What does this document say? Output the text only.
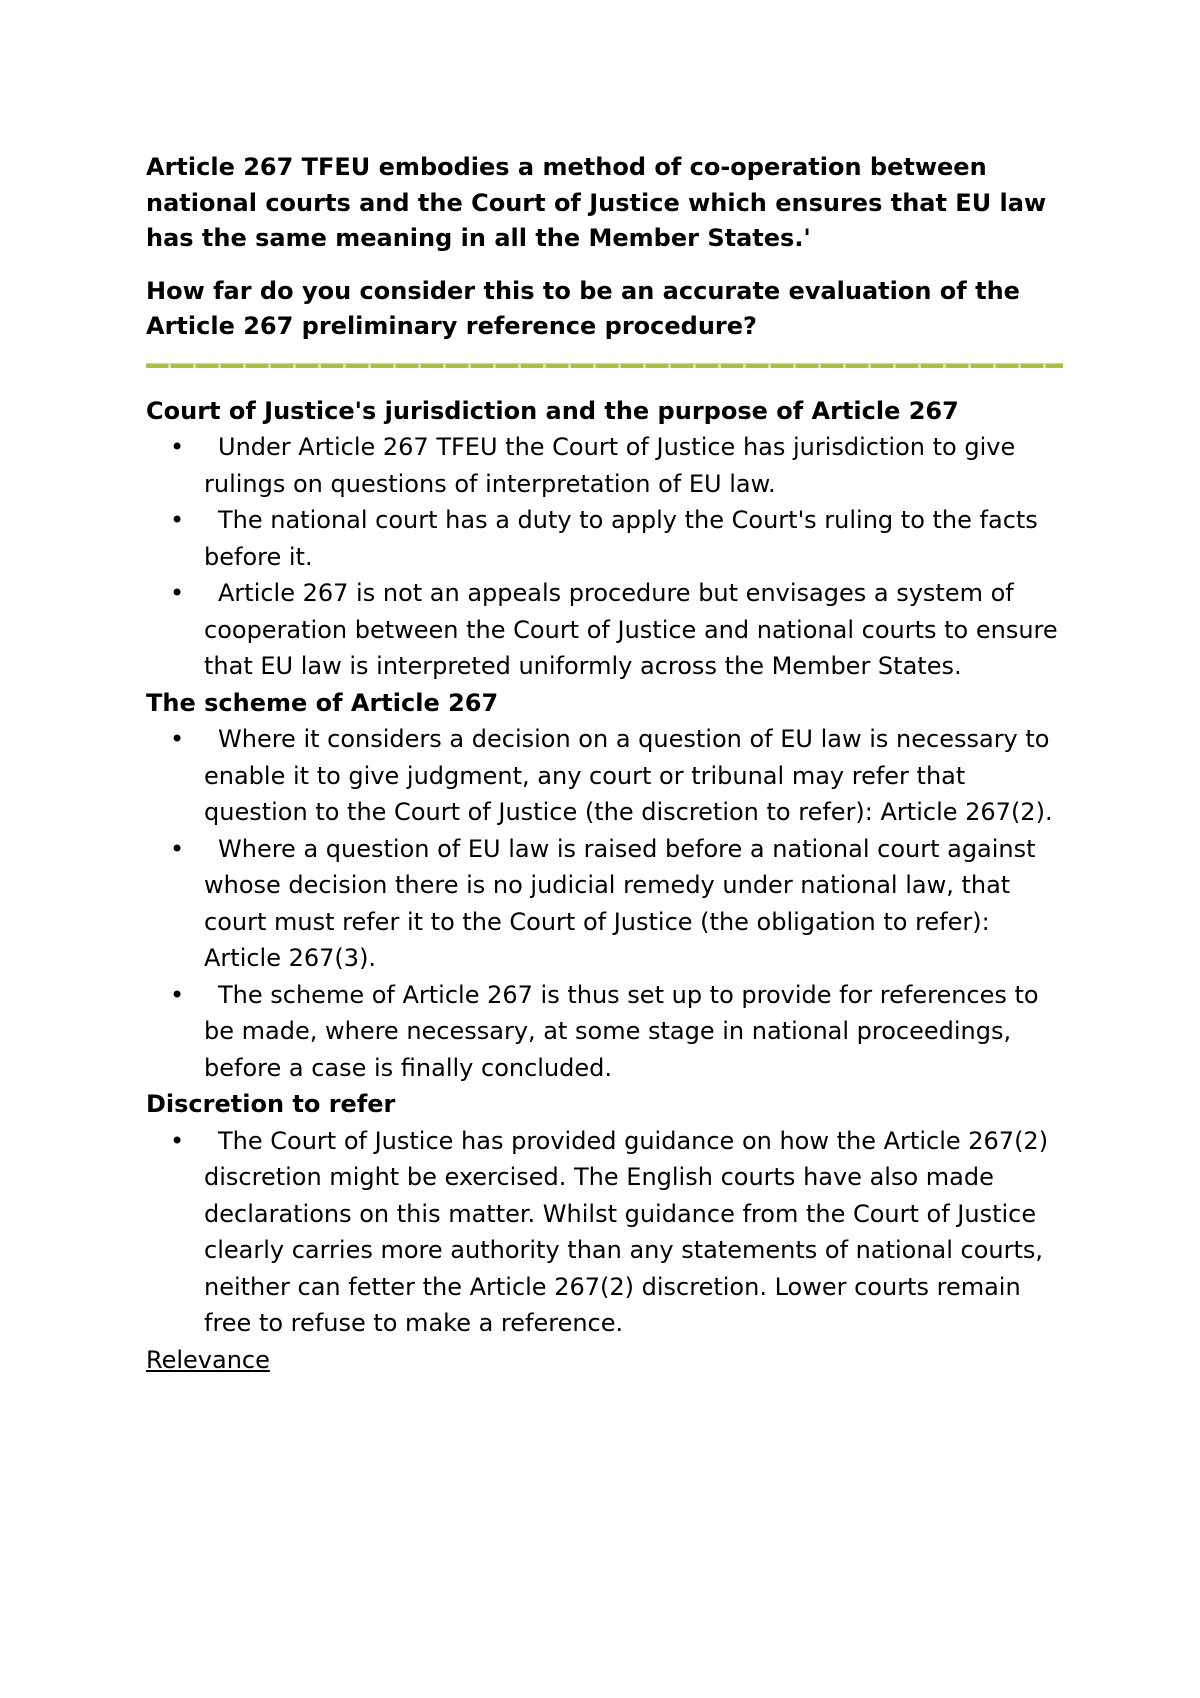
Article 267 TFEU embodies a method of co-operation between national courts and the Court of Justice which ensures that EU law has the same meaning in all the Member States.'

How far do you consider this to be an accurate evaluation of the Article 267 preliminary reference procedure?

Court of Justice's jurisdiction and the purpose of Article 267

• Under Article 267 TFEU the Court of Justice has jurisdiction to give rulings on questions of interpretation of EU law.
• The national court has a duty to apply the Court's ruling to the facts before it.
• Article 267 is not an appeals procedure but envisages a system of cooperation between the Court of Justice and national courts to ensure that EU law is interpreted uniformly across the Member States.

The scheme of Article 267

• Where it considers a decision on a question of EU law is necessary to enable it to give judgment, any court or tribunal may refer that question to the Court of Justice (the discretion to refer): Article 267(2).
• Where a question of EU law is raised before a national court against whose decision there is no judicial remedy under national law, that court must refer it to the Court of Justice (the obligation to refer): Article 267(3).
• The scheme of Article 267 is thus set up to provide for references to be made, where necessary, at some stage in national proceedings, before a case is finally concluded.

Discretion to refer

• The Court of Justice has provided guidance on how the Article 267(2) discretion might be exercised. The English courts have also made declarations on this matter. Whilst guidance from the Court of Justice clearly carries more authority than any statements of national courts, neither can fetter the Article 267(2) discretion. Lower courts remain free to refuse to make a reference.

Relevance
